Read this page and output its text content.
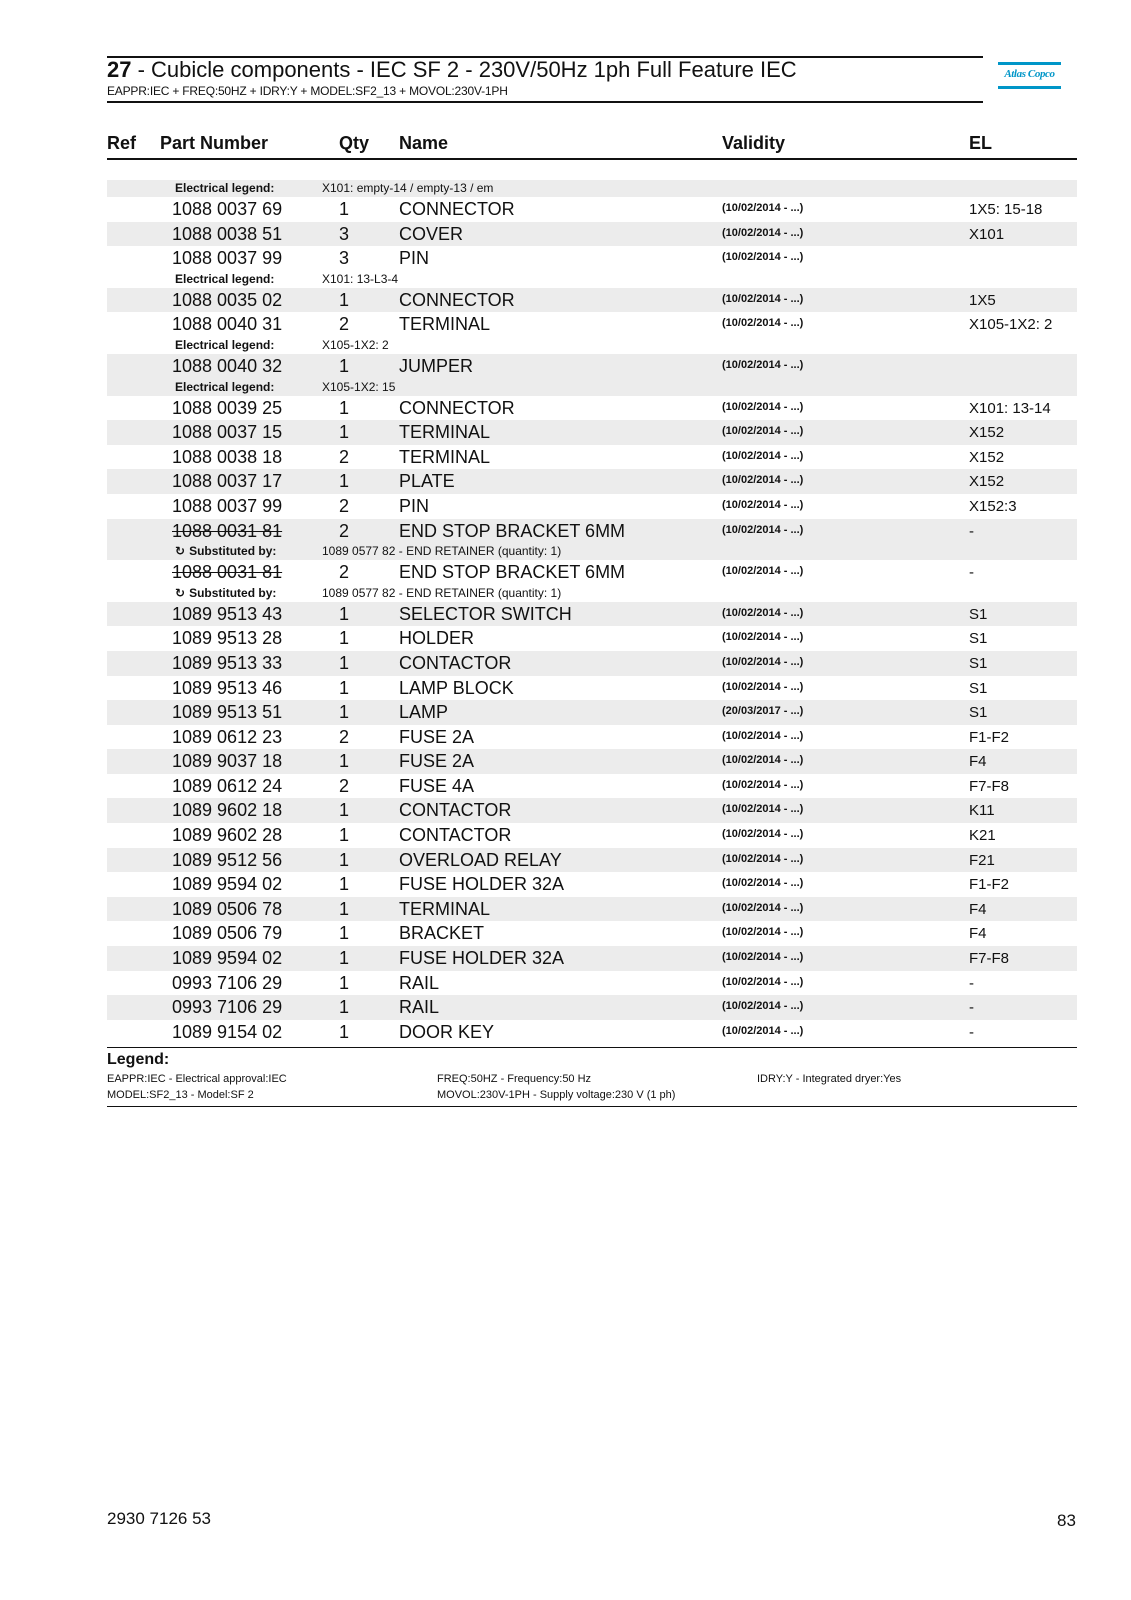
27 - Cubicle components - IEC SF 2 - 230V/50Hz 1ph Full Feature IEC
EAPPR:IEC + FREQ:50HZ + IDRY:Y + MODEL:SF2_13 + MOVOL:230V-1PH
Atlas Copco
Ref Part Number	Qty Name	Validity	EL
Electrical legend:	X101: empty-14 / empty-13 / em
1088 0037 69	1	CONNECTOR	(10/02/2014 - ...)	1X5: 15-18
1088 0038 51	3	COVER	(10/02/2014 - ...)	X101
1088 0037 99	3	PIN	(10/02/2014 - ...)
Electrical legend:	X101: 13-L3-4
1088 0035 02	1	CONNECTOR	(10/02/2014 - ...)	1X5
1088 0040 31	2	TERMINAL	(10/02/2014 - ...)	X105-1X2: 2
Electrical legend:	X105-1X2: 2
1088 0040 32	1	JUMPER	(10/02/2014 - ...)
Electrical legend:	X105-1X2: 15
1088 0039 25	1	CONNECTOR	(10/02/2014 - ...)	X101: 13-14
1088 0037 15	1	TERMINAL	(10/02/2014 - ...)	X152
1088 0038 18	2	TERMINAL	(10/02/2014 - ...)	X152
1088 0037 17	1	PLATE	(10/02/2014 - ...)	X152
1088 0037 99	2	PIN	(10/02/2014 - ...)	X152:3
1088 0031 81	2	END STOP BRACKET 6MM	(10/02/2014 - ...)	-
↻ Substituted by:	1089 0577 82 - END RETAINER (quantity: 1)
1088 0031 81	2	END STOP BRACKET 6MM	(10/02/2014 - ...)	-
↻ Substituted by:	1089 0577 82 - END RETAINER (quantity: 1)
1089 9513 43	1	SELECTOR SWITCH	(10/02/2014 - ...)	S1
1089 9513 28	1	HOLDER	(10/02/2014 - ...)	S1
1089 9513 33	1	CONTACTOR	(10/02/2014 - ...)	S1
1089 9513 46	1	LAMP BLOCK	(10/02/2014 - ...)	S1
1089 9513 51	1	LAMP	(20/03/2017 - ...)	S1
1089 0612 23	2	FUSE 2A	(10/02/2014 - ...)	F1-F2
1089 9037 18	1	FUSE 2A	(10/02/2014 - ...)	F4
1089 0612 24	2	FUSE 4A	(10/02/2014 - ...)	F7-F8
1089 9602 18	1	CONTACTOR	(10/02/2014 - ...)	K11
1089 9602 28	1	CONTACTOR	(10/02/2014 - ...)	K21
1089 9512 56	1	OVERLOAD RELAY	(10/02/2014 - ...)	F21
1089 9594 02	1	FUSE HOLDER 32A	(10/02/2014 - ...)	F1-F2
1089 0506 78	1	TERMINAL	(10/02/2014 - ...)	F4
1089 0506 79	1	BRACKET	(10/02/2014 - ...)	F4
1089 9594 02	1	FUSE HOLDER 32A	(10/02/2014 - ...)	F7-F8
0993 7106 29	1	RAIL	(10/02/2014 - ...)	-
0993 7106 29	1	RAIL	(10/02/2014 - ...)	-
1089 9154 02	1	DOOR KEY	(10/02/2014 - ...)	-
Legend:
EAPPR:IEC - Electrical approval:IEC	FREQ:50HZ - Frequency:50 Hz	IDRY:Y - Integrated dryer:Yes
MODEL:SF2_13 - Model:SF 2	MOVOL:230V-1PH - Supply voltage:230 V (1 ph)
2930 7126 53	83
